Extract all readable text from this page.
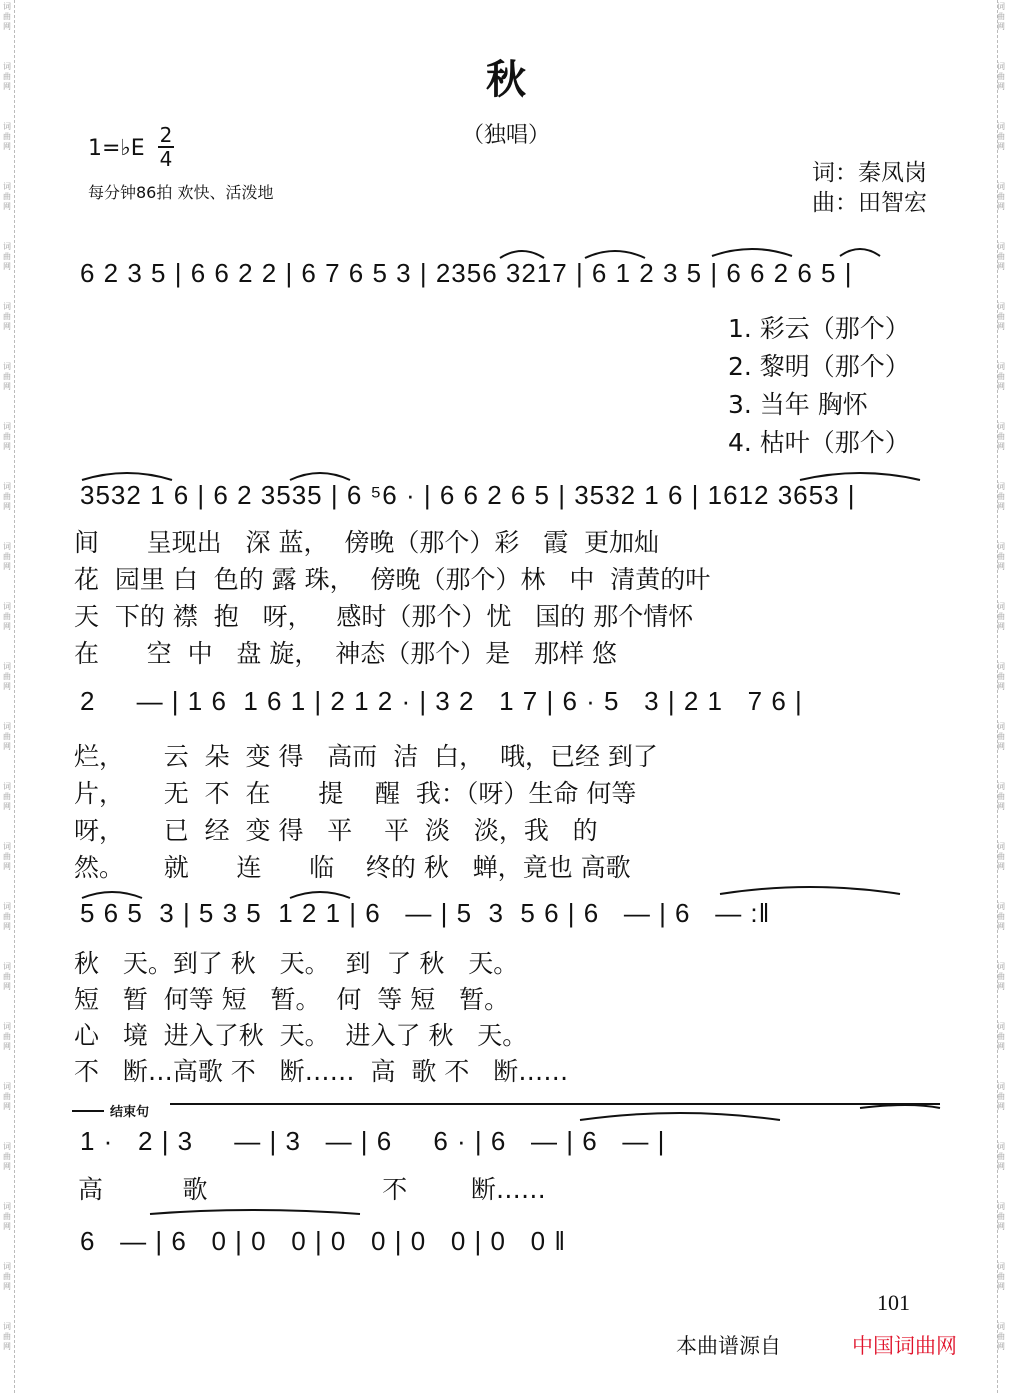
词曲网
词曲网
词曲网
词曲网
词曲网
词曲网
词曲网
词曲网
词曲网
词曲网
词曲网
词曲网
词曲网
词曲网
词曲网
词曲网
词曲网
词曲网
词曲网
词曲网
词曲网
词曲网
词曲网
词曲网
词曲网
词曲网
词曲网
词曲网
词曲网
词曲网
词曲网
词曲网
词曲网
词曲网
词曲网
词曲网
词曲网
词曲网
词曲网
词曲网
词曲网
词曲网
词曲网
词曲网
词曲网
词曲网
秋
（独唱）
1=♭E $\frac{2}{4}$
每分钟86拍 欢快、活泼地
词：秦凤岗
曲：田智宏
6 2 3 5 | 6 6 2 2 | 6 7 6 5 3 | 2356 3217 | 6 1 2 3 5 | 6 6 2 6 5 |
1. 彩云（那个）
2. 黎明（那个）
3. 当年 胸怀
4. 枯叶（那个）
3532 1 6 | 6 2 3535 | 6 ⁵6 · | 6 6 2 6 5 | 3532 1 6 | 1612 3653 |
间      呈现出   深 蓝，  傍晚（那个）彩   霞  更加灿
花  园里 白  色的 露 珠，  傍晚（那个）林   中  清黄的叶
天  下的 襟  抱   呀，   感时（那个）忧   国的 那个情怀
在      空  中   盘 旋，  神态（那个）是   那样 悠
2     — | 1 6  1 6 1 | 2 1 2 · | 3 2   1 7 | 6 · 5   3 | 2 1   7 6 |
烂，     云  朵  变 得   高而  洁  白，  哦，已经 到了
片，     无  不  在      提    醒  我：（呀）生命 何等
呀，     已  经  变 得   平    平  淡   淡，我   的
然。     就      连      临    终的 秋   蝉，竟也 高歌
5 6 5  3 | 5 3 5  1 2 1 | 6   — | 5  3  5 6 | 6   — | 6   — :‖
秋   天。到了 秋   天。  到  了 秋   天。
短   暂  何等 短   暂。  何  等 短   暂。
心   境  进入了秋  天。  进入了 秋   天。
不   断…高歌 不   断……  高  歌 不   断……
结束句
1 ·   2 | 3     — | 3   — | 6     6 · | 6   — | 6   — |
高          歌                      不        断……
6   — | 6   0 | 0   0 | 0   0 | 0   0 | 0   0 ‖
101
本曲谱源自	中国词曲网
